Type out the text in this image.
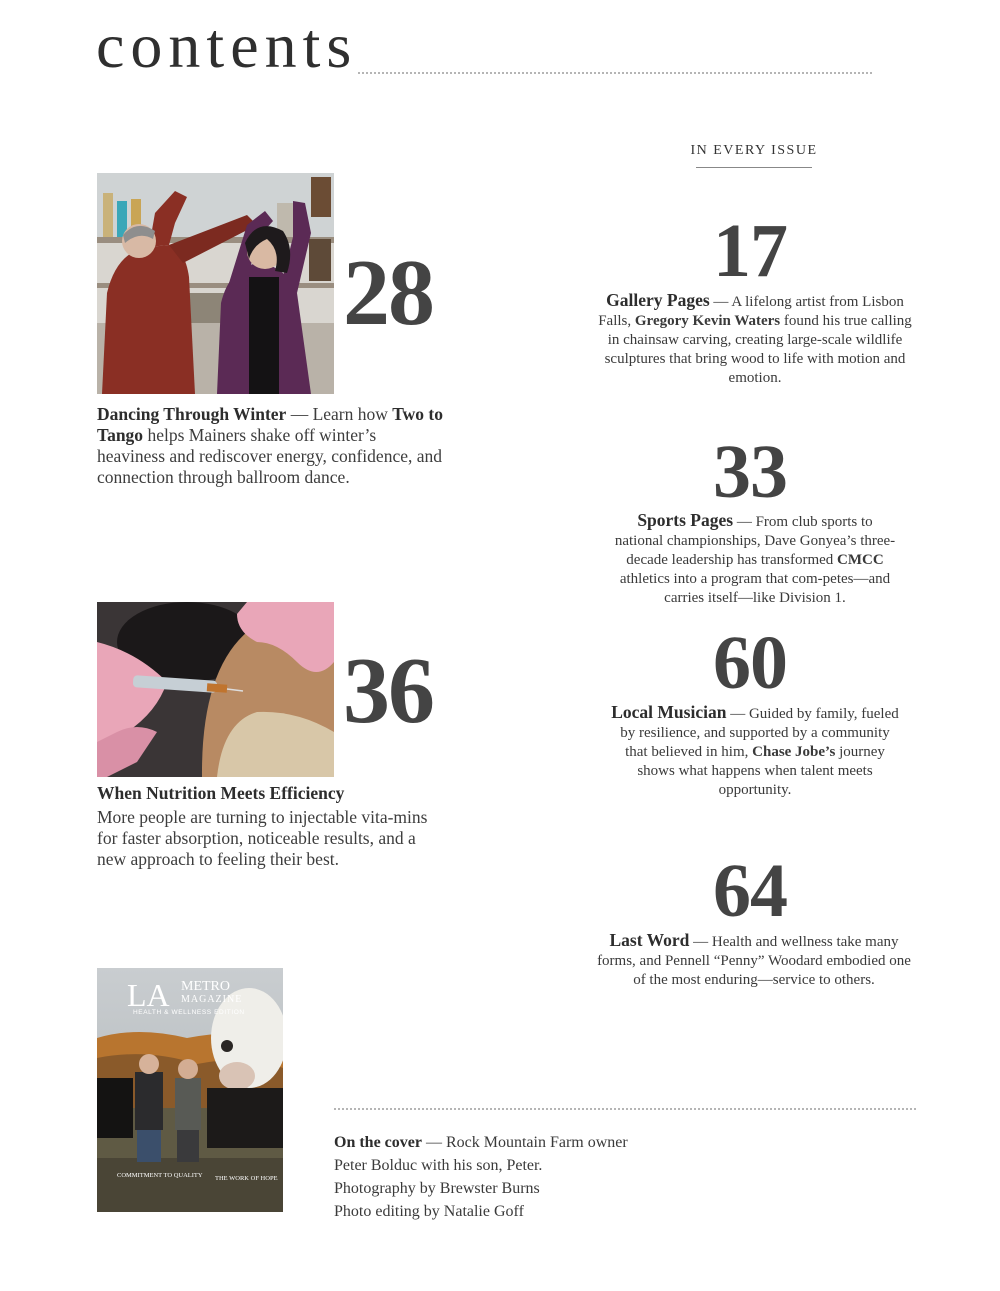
contents
IN EVERY ISSUE
28
Dancing Through Winter — Learn how Two to Tango helps Mainers shake off winter’s heaviness and rediscover energy, confidence, and connection through ballroom dance.
36
When Nutrition Meets Efficiency
More people are turning to injectable vita-mins for faster absorption, noticeable results, and a new approach to feeling their best.
17
Gallery Pages — A lifelong artist from Lisbon Falls, Gregory Kevin Waters found his true calling in chainsaw carving, creating large-scale wildlife sculptures that bring wood to life with motion and emotion.
33
Sports Pages — From club sports to national championships, Dave Gonyea’s three-decade leadership has transformed CMCC athletics into a program that com-petes—and carries itself—like Division 1.
60
Local Musician — Guided by family, fueled by resilience, and supported by a community that believed in him, Chase Jobe’s journey shows what happens when talent meets opportunity.
64
Last Word — Health and wellness take many forms, and Pennell “Penny” Woodard embodied one of the most enduring—service to others.
LA METRO
MAGAZINE
HEALTH & WELLNESS EDITION
COMMITMENT TO QUALITY THE WORK OF HOPE
On the cover — Rock Mountain Farm owner
Peter Bolduc with his son, Peter.
Photography by Brewster Burns
Photo editing by Natalie Goff
